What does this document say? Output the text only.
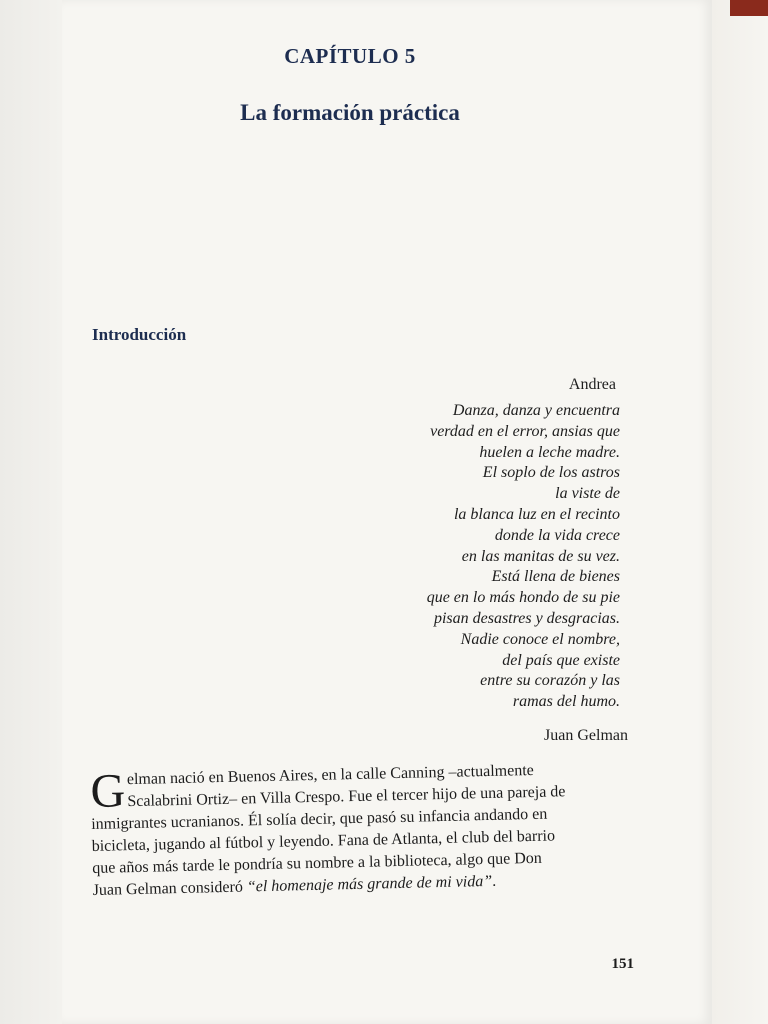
CAPÍTULO 5
La formación práctica
Introducción
Andrea
Danza, danza y encuentra
verdad en el error, ansias que
huelen a leche madre.
El soplo de los astros
la viste de
la blanca luz en el recinto
donde la vida crece
en las manitas de su vez.
Está llena de bienes
que en lo más hondo de su pie
pisan desastres y desgracias.
Nadie conoce el nombre,
del país que existe
entre su corazón y las
ramas del humo.
Juan Gelman
G elman nació en Buenos Aires, en la calle Canning –actualmente
Scalabrini Ortiz– en Villa Crespo. Fue el tercer hijo de una pareja de
inmigrantes ucranianos. Él solía decir, que pasó su infancia andando en
bicicleta, jugando al fútbol y leyendo. Fana de Atlanta, el club del barrio
que años más tarde le pondría su nombre a la biblioteca, algo que Don
Juan Gelman consideró “el homenaje más grande de mi vida”.
151
